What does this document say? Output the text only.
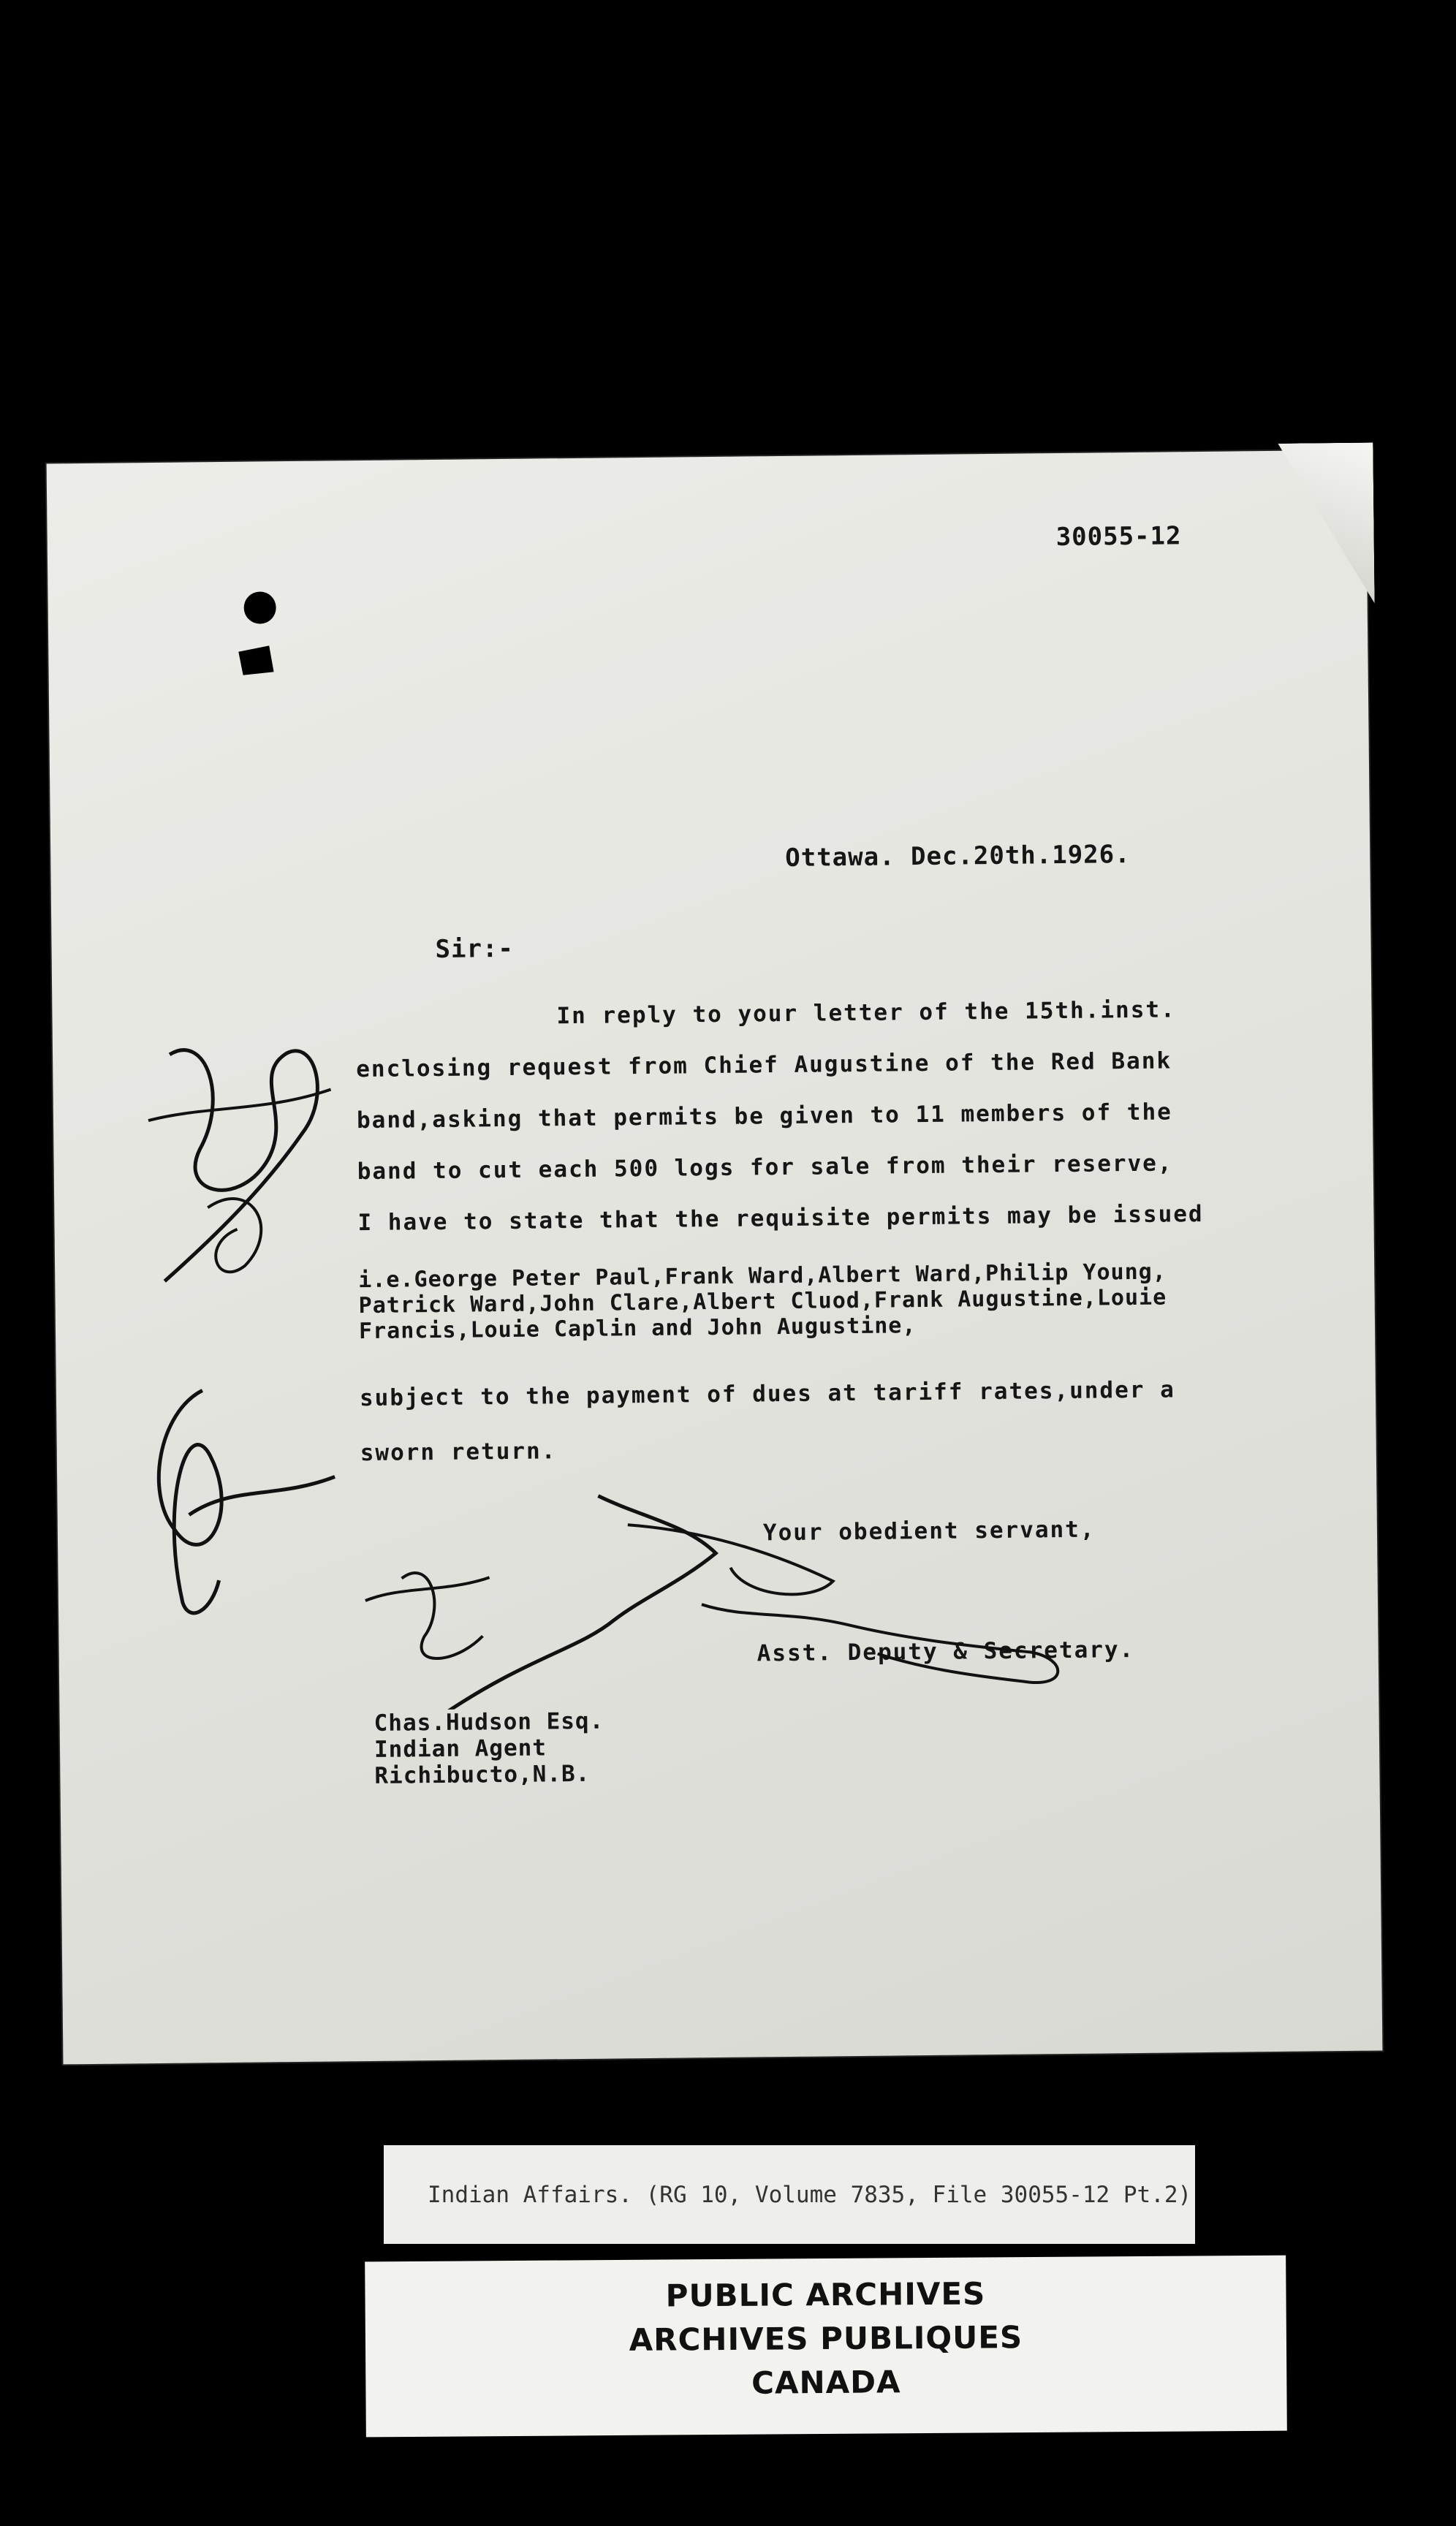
30055-12
Ottawa. Dec.20th.1926.
Sir:-
In reply to your letter of the 15th.inst.
enclosing request from Chief Augustine of the Red Bank
band,asking that permits be given to 11 members of the
band to cut each 500 logs for sale from their reserve,
I have to state that the requisite permits may be issued
i.e.George Peter Paul,Frank Ward,Albert Ward,Philip Young,
Patrick Ward,John Clare,Albert Cluod,Frank Augustine,Louie
Francis,Louie Caplin and John Augustine,
subject to the payment of dues at tariff rates,under a
sworn return.
Your obedient servant,
Asst. Deputy & Secretary.
Chas.Hudson Esq.
Indian Agent
Richibucto,N.B.
Indian Affairs. (RG 10, Volume 7835, File 30055-12 Pt.2)
PUBLIC ARCHIVES
ARCHIVES PUBLIQUES
CANADA
